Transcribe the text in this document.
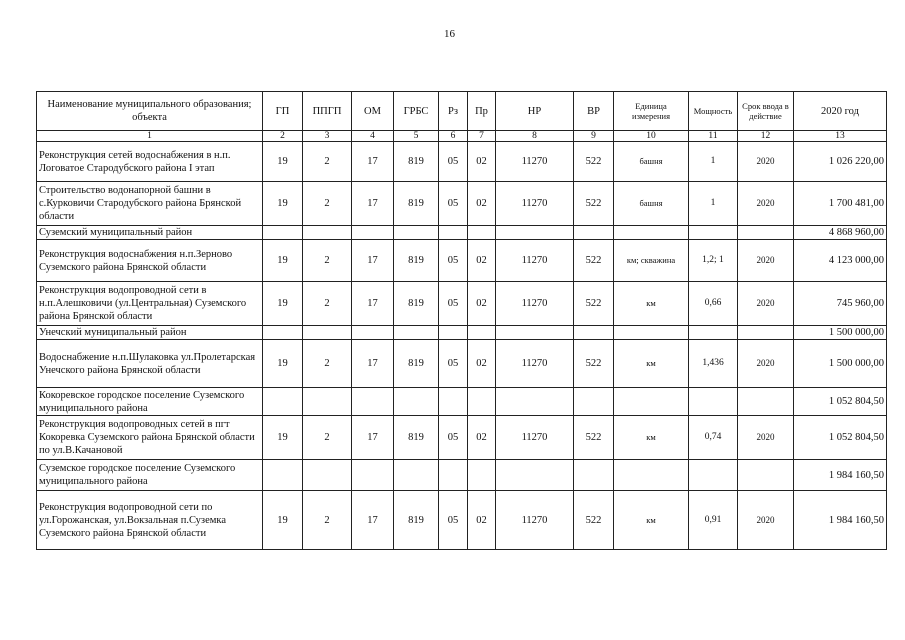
16
Наименование муниципального образования; объекта	ГП	ППГП	ОМ	ГРБС	Рз	Пр	НР	ВР	Единица измерения	Мощность	Срок ввода в действие	2020 год
1	2	3	4	5	6	7	8	9	10	11	12	13
Реконструкция сетей водоснабжения в н.п. Логоватое Стародубского района I этап	19	2	17	819	05	02	11270	522	башня	1	2020	1 026 220,00
Строительство водонапорной башни в с.Курковичи Стародубского района Брянской области	19	2	17	819	05	02	11270	522	башня	1	2020	1 700 481,00
Суземский муниципальный район												4 868 960,00
Реконструкция водоснабжения н.п.Зерново Суземского района Брянской области	19	2	17	819	05	02	11270	522	км; скважина	1,2; 1	2020	4 123 000,00
Реконструкция водопроводной сети в н.п.Алешковичи (ул.Центральная) Суземского района Брянской области	19	2	17	819	05	02	11270	522	км	0,66	2020	745 960,00
Унечский муниципальный район												1 500 000,00
Водоснабжение н.п.Шулаковка ул.Пролетарская Унечского района Брянской области	19	2	17	819	05	02	11270	522	км	1,436	2020	1 500 000,00
Кокоревское городское поселение Суземского муниципального района												1 052 804,50
Реконструкция водопроводных сетей в пгт Кокоревка Суземского района Брянской области по ул.В.Качановой	19	2	17	819	05	02	11270	522	км	0,74	2020	1 052 804,50
Суземское городское поселение Суземского муниципального района												1 984 160,50
Реконструкция водопроводной сети по ул.Горожанская, ул.Вокзальная п.Суземка Суземского района Брянской области	19	2	17	819	05	02	11270	522	км	0,91	2020	1 984 160,50
